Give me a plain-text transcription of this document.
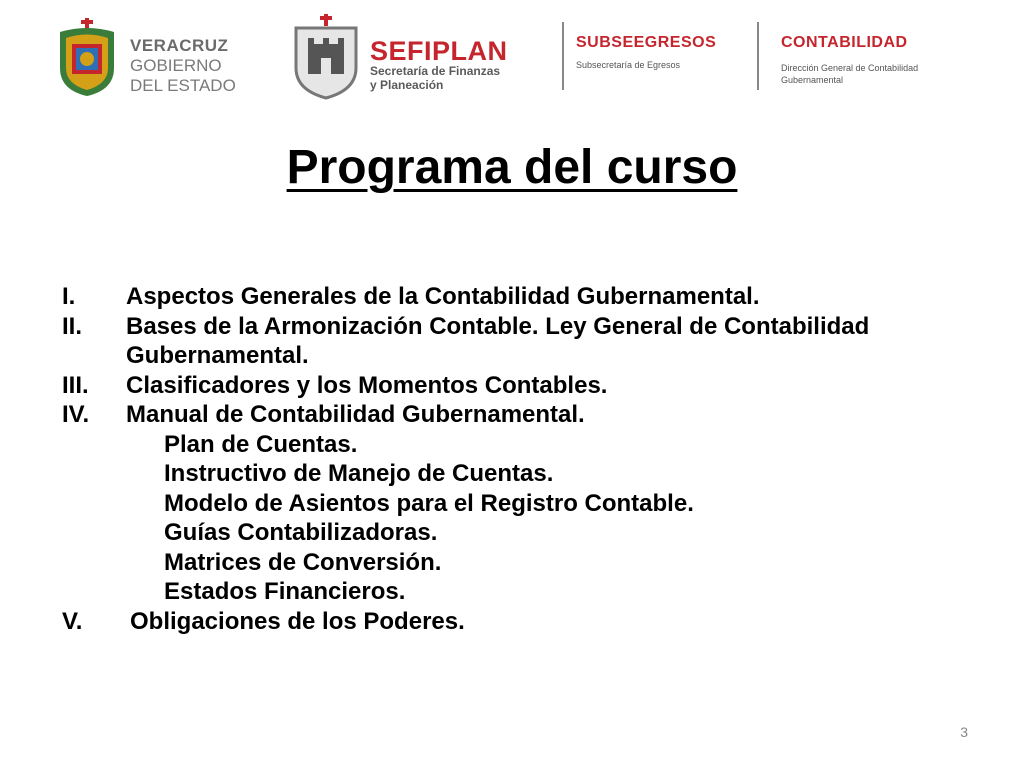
VERACRUZ
GOBIERNO
DEL ESTADO
SEFIPLAN
Secretaría de Finanzas
y Planeación
SUBSEEGRESOS
Subsecretaría de Egresos
CONTABILIDAD
Dirección General de Contabilidad
Gubernamental
Programa del curso
I. Aspectos Generales de la Contabilidad Gubernamental.
II. Bases de la Armonización Contable. Ley General de Contabilidad Gubernamental.
III. Clasificadores y los Momentos Contables.
IV. Manual de Contabilidad Gubernamental.
Plan de Cuentas.
Instructivo de Manejo de Cuentas.
Modelo de Asientos para el Registro Contable.
Guías Contabilizadoras.
Matrices de Conversión.
Estados Financieros.
V. Obligaciones de los Poderes.
3
